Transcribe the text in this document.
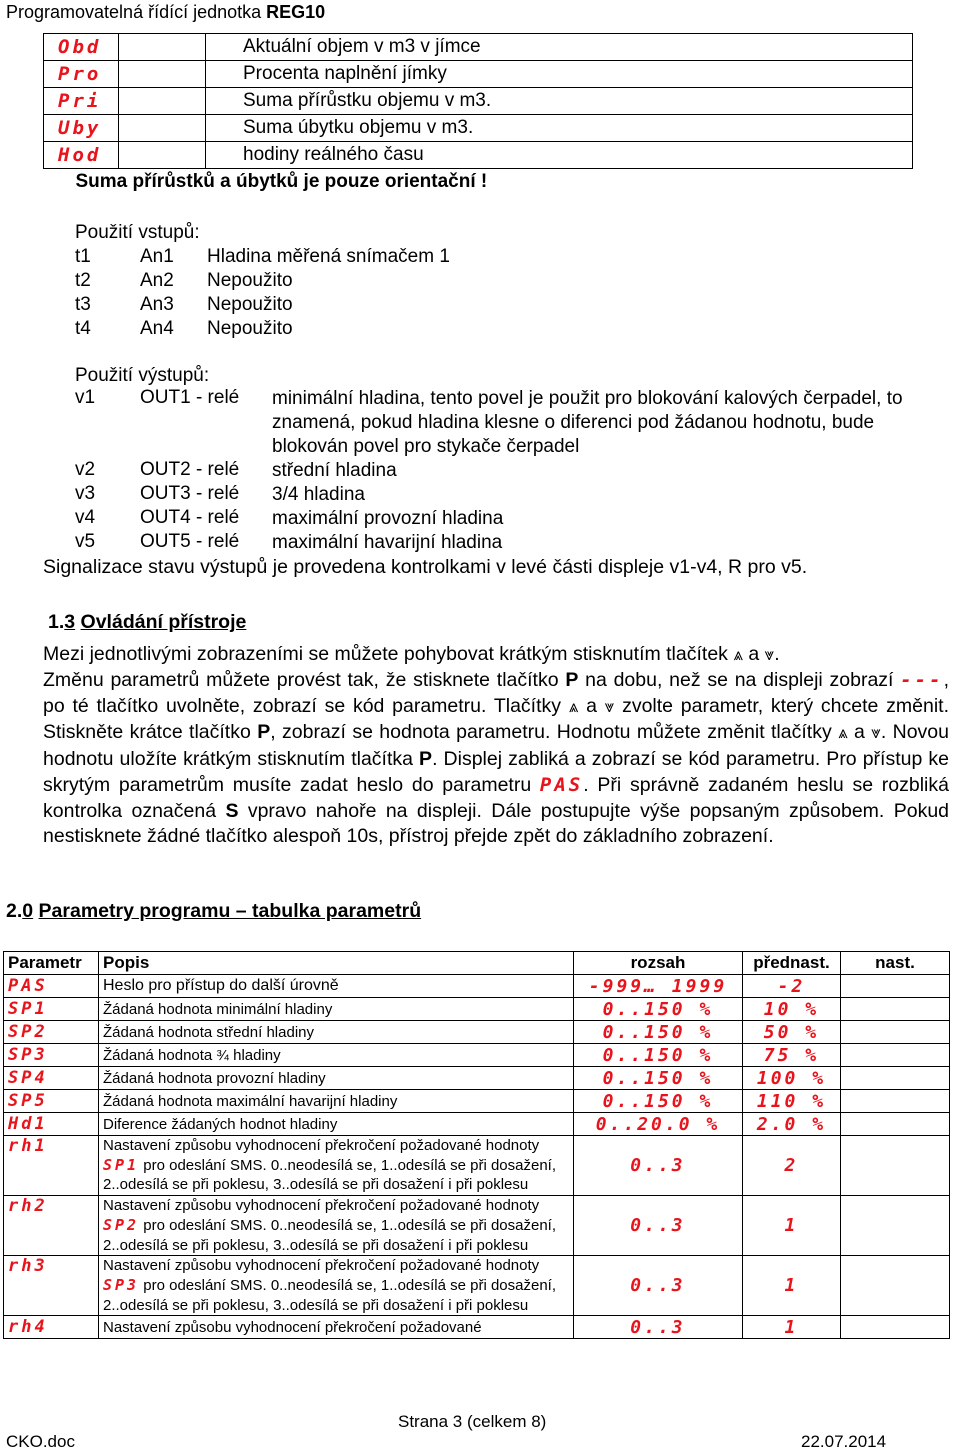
Programovatelná řídící jednotka REG10
Obd		Aktuální objem v m3 v jímce
Pro		Procenta naplnění jímky
Pri		Suma přírůstku objemu v m3.
Uby		Suma úbytku objemu v m3.
Hod		hodiny reálného času
Suma přírůstků a úbytků je pouze orientační !		
Použití vstupů:
t1	An1 Hladina měřená snímačem 1
t2	An2 Nepoužito
t3	An3 Nepoužito
t4	An4 Nepoužito
Použití výstupů:
v1 OUT1 - relé minimální hladina, tento povel je použit pro blokování kalových čerpadel, to znamená, pokud hladina klesne o diferenci pod žádanou hodnotu, bude blokován povel pro stykače čerpadel
v2 OUT2 - relé střední hladina
v3 OUT3 - relé 3/4 hladina
v4 OUT4 - relé maximální provozní hladina
v5 OUT5 - relé maximální havarijní hladina
Signalizace stavu výstupů je provedena kontrolkami v levé části displeje v1-v4, R pro v5.
1.3 Ovládání přístroje
Mezi jednotlivými zobrazeními se můžete pohybovat krátkým stisknutím tlačítek ⩓ a ⩔.
Změnu parametrů můžete provést tak, že stisknete tlačítko P na dobu, než se na displeji zobrazí ---, po té tlačítko uvolněte, zobrazí se kód parametru. Tlačítky ⩓ a ⩔ zvolte parametr, který chcete změnit. Stiskněte krátce tlačítko P, zobrazí se hodnota parametru. Hodnotu můžete změnit tlačítky ⩓ a ⩔. Novou hodnotu uložíte krátkým stisknutím tlačítka P. Displej zabliká a zobrazí se kód parametru. Pro přístup ke skrytým parametrům musíte zadat heslo do parametru PAS. Při správně zadaném heslu se rozbliká kontrolka označená S vpravo nahoře na displeji. Dále postupujte výše popsaným způsobem. Pokud nestisknete žádné tlačítko alespoň 10s, přístroj přejde zpět do základního zobrazení.
2.0 Parametry programu – tabulka parametrů
Parametr	Popis	rozsah	přednast.	nast.
PAS	Heslo pro přístup do další úrovně	-999… 1999	-2	
SP1	Žádaná hodnota minimální hladiny	0..150 %	10 %	
SP2	Žádaná hodnota střední hladiny	0..150 %	50 %	
SP3	Žádaná hodnota ¾ hladiny	0..150 %	75 %	
SP4	Žádaná hodnota provozní hladiny	0..150 %	100 %	
SP5	Žádaná hodnota maximální havarijní hladiny	0..150 %	110 %	
Hd1	Diference žádaných hodnot hladiny	0..20.0 %	2.0 %	
rh1	Nastavení způsobu vyhodnocení překročení požadované hodnoty SP1 pro odeslání SMS. 0..neodesílá se, 1..odesílá se při dosažení, 2..odesílá se při poklesu, 3..odesílá se při dosažení i při poklesu	0..3	2	
rh2	Nastavení způsobu vyhodnocení překročení požadované hodnoty SP2 pro odeslání SMS. 0..neodesílá se, 1..odesílá se při dosažení, 2..odesílá se při poklesu, 3..odesílá se při dosažení i při poklesu	0..3	1	
rh3	Nastavení způsobu vyhodnocení překročení požadované hodnoty SP3 pro odeslání SMS. 0..neodesílá se, 1..odesílá se při dosažení, 2..odesílá se při poklesu, 3..odesílá se při dosažení i při poklesu	0..3	1	
rh4	Nastavení způsobu vyhodnocení překročení požadované	0..3	1	
Strana 3 (celkem 8)
CKO.doc	22.07.2014
